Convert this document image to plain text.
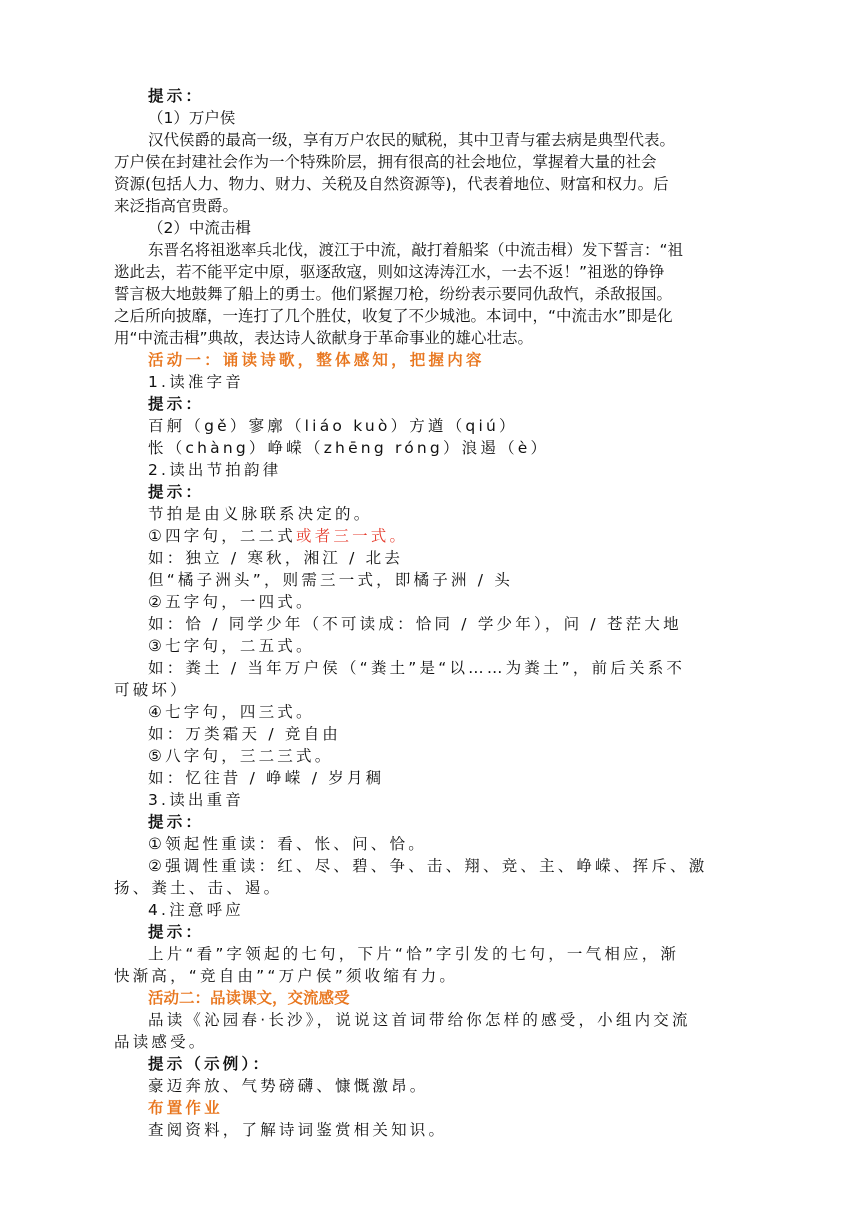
提示：
（1）万户侯
汉代侯爵的最高一级，享有万户农民的赋税，其中卫青与霍去病是典型代表。
万户侯在封建社会作为一个特殊阶层，拥有很高的社会地位，掌握着大量的社会
资源(包括人力、物力、财力、关税及自然资源等)，代表着地位、财富和权力。后
来泛指高官贵爵。
（2）中流击楫
东晋名将祖逖率兵北伐，渡江于中流，敲打着船桨（中流击楫）发下誓言：“祖
逖此去，若不能平定中原，驱逐敌寇，则如这涛涛江水，一去不返！”祖逖的铮铮
誓言极大地鼓舞了船上的勇士。他们紧握刀枪，纷纷表示要同仇敌忾，杀敌报国。
之后所向披靡，一连打了几个胜仗，收复了不少城池。本词中，“中流击水”即是化
用“中流击楫”典故，表达诗人欲献身于革命事业的雄心壮志。
活动一：诵读诗歌，整体感知，把握内容
1.读准字音
提示：
百舸（gě）寥廓（liáo kuò）方遒（qiú）
怅（chàng）峥嵘（zhēng róng）浪遏（è）
2.读出节拍韵律
提示：
节拍是由义脉联系决定的。
①四字句，二二式或者三一式。
如：独立 / 寒秋，湘江 / 北去
但“橘子洲头”，则需三一式，即橘子洲 / 头
②五字句，一四式。
如：恰 / 同学少年（不可读成：恰同 / 学少年），问 / 苍茫大地
③七字句，二五式。
如：粪土 / 当年万户侯（“粪土”是“以……为粪土”，前后关系不
可破坏）
④七字句，四三式。
如：万类霜天 / 竞自由
⑤八字句，三二三式。
如：忆往昔 / 峥嵘 / 岁月稠
3.读出重音
提示：
①领起性重读：看、怅、问、恰。
②强调性重读：红、尽、碧、争、击、翔、竞、主、峥嵘、挥斥、激
扬、粪土、击、遏。
4.注意呼应
提示：
上片“看”字领起的七句，下片“恰”字引发的七句，一气相应，渐
快渐高，“竞自由”“万户侯”须收缩有力。
活动二：品读课文，交流感受
品读《沁园春·长沙》，说说这首词带给你怎样的感受，小组内交流
品读感受。
提示（示例）：
豪迈奔放、气势磅礴、慷慨激昂。
布置作业
查阅资料，了解诗词鉴赏相关知识。
